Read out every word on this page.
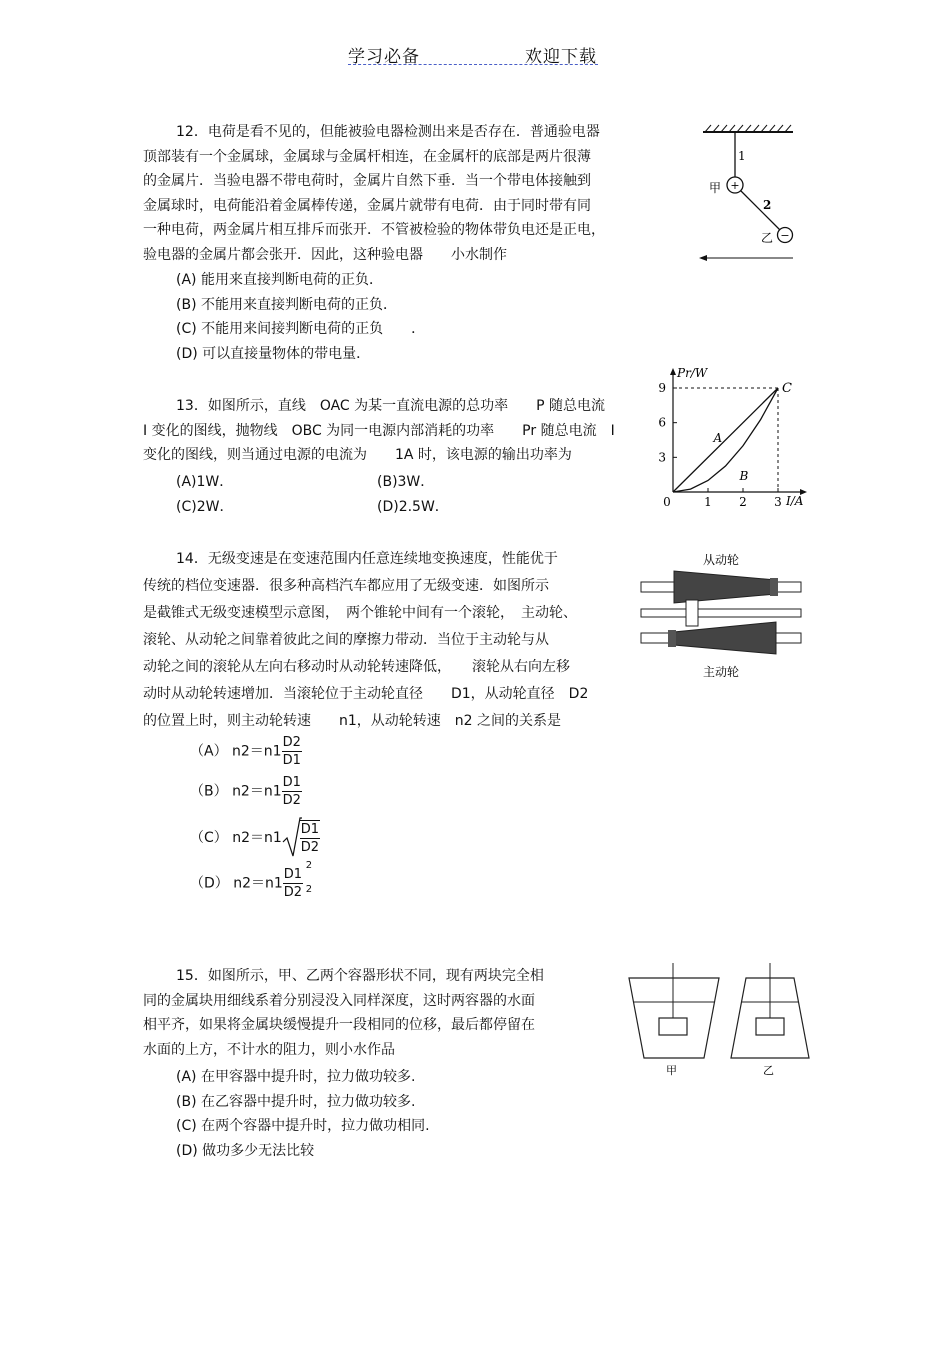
学习必备	欢迎下载
12．电荷是看不见的，但能被验电器检测出来是否存在．普通验电器
顶部装有一个金属球，金属球与金属杆相连，在金属杆的底部是两片很薄
的金属片．当验电器不带电荷时，金属片自然下垂．当一个带电体接触到
金属球时，电荷能沿着金属棒传递，金属片就带有电荷．由于同时带有同
一种电荷，两金属片相互排斥而张开．不管被检验的物体带负电还是正电，
验电器的金属片都会张开．因此，这种验电器　　小水制作
(A) 能用来直接判断电荷的正负．
(B) 不能用来直接判断电荷的正负．
(C) 不能用来间接判断电荷的正负　　．
(D) 可以直接量物体的带电量．
+
−
1
2
甲
乙
13．如图所示，直线　OAC 为某一直流电源的总功率　　P 随总电流
I 变化的图线，抛物线　OBC 为同一电源内部消耗的功率　　Pr 随总电流　I
变化的图线，则当通过电源的电流为　　1A 时，该电源的输出功率为
(A)1W．	(B)3W．
(C)2W．	(D)2.5W．
Pr/W
I/A
0	1 2 3
3
6
9
A
B
C
14．无级变速是在变速范围内任意连续地变换速度，性能优于
传统的档位变速器．很多种高档汽车都应用了无级变速．如图所示
是截锥式无级变速模型示意图，　两个锥轮中间有一个滚轮，　主动轮、
滚轮、从动轮之间靠着彼此之间的摩擦力带动．当位于主动轮与从
动轮之间的滚轮从左向右移动时从动轮转速降低，　　滚轮从右向左移
动时从动轮转速增加．当滚轮位于主动轮直径　　D1，从动轮直径　D2
的位置上时，则主动轮转速　　n1，从动轮转速　n2 之间的关系是
（A） $n2=n1 \frac{D2}{D1}$
（B） $n2=n1 \frac{D1}{D2}$
（C） $n2=n1 \frac{D1}{D2}$
（D） n2＝n1
D1
D2
2
2
从动轮
主动轮
15．如图所示，甲、乙两个容器形状不同，现有两块完全相
同的金属块用细线系着分别浸没入同样深度，这时两容器的水面
相平齐，如果将金属块缓慢提升一段相同的位移，最后都停留在
水面的上方，不计水的阻力，则小水作品
(A) 在甲容器中提升时，拉力做功较多.
(B) 在乙容器中提升时，拉力做功较多.
(C) 在两个容器中提升时，拉力做功相同.
(D) 做功多少无法比较
甲	乙
